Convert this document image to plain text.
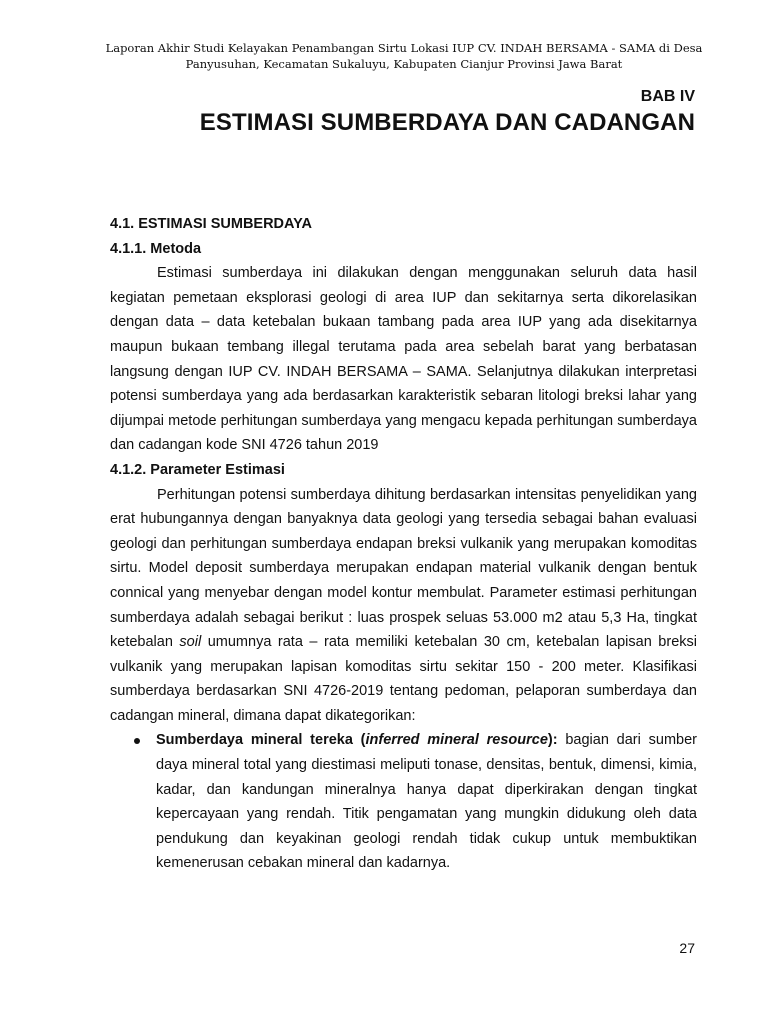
Laporan Akhir Studi Kelayakan Penambangan Sirtu Lokasi IUP CV. INDAH BERSAMA - SAMA di Desa
Panyusuhan, Kecamatan Sukaluyu, Kabupaten Cianjur Provinsi Jawa Barat
BAB IV
ESTIMASI SUMBERDAYA DAN CADANGAN

4.1. ESTIMASI SUMBERDAYA

4.1.1. Metoda

Estimasi sumberdaya ini dilakukan dengan menggunakan seluruh data hasil kegiatan pemetaan eksplorasi geologi di area IUP dan sekitarnya serta dikorelasikan dengan data – data ketebalan bukaan tambang pada area IUP yang ada disekitarnya maupun bukaan tembang illegal terutama pada area sebelah barat yang berbatasan langsung dengan IUP CV. INDAH BERSAMA – SAMA. Selanjutnya dilakukan interpretasi potensi sumberdaya yang ada berdasarkan karakteristik sebaran litologi breksi lahar yang dijumpai metode perhitungan sumberdaya yang mengacu kepada perhitungan sumberdaya dan cadangan kode SNI 4726 tahun 2019

4.1.2. Parameter Estimasi

Perhitungan potensi sumberdaya dihitung berdasarkan intensitas penyelidikan yang erat hubungannya dengan banyaknya data geologi yang tersedia sebagai bahan evaluasi geologi dan perhitungan sumberdaya endapan breksi vulkanik yang merupakan komoditas sirtu. Model deposit sumberdaya merupakan endapan material vulkanik dengan bentuk connical yang menyebar dengan model kontur membulat. Parameter estimasi perhitungan sumberdaya adalah sebagai berikut : luas prospek seluas 53.000 m2 atau 5,3 Ha, tingkat ketebalan soil umumnya rata – rata memiliki ketebalan 30 cm, ketebalan lapisan breksi vulkanik yang merupakan lapisan komoditas sirtu sekitar 150 - 200 meter. Klasifikasi sumberdaya berdasarkan SNI 4726-2019 tentang pedoman, pelaporan sumberdaya dan cadangan mineral, dimana dapat dikategorikan:

Sumberdaya mineral tereka (inferred mineral resource): bagian dari sumber daya mineral total yang diestimasi meliputi tonase, densitas, bentuk, dimensi, kimia, kadar, dan kandungan mineralnya hanya dapat diperkirakan dengan tingkat kepercayaan yang rendah. Titik pengamatan yang mungkin didukung oleh data pendukung dan keyakinan geologi rendah tidak cukup untuk membuktikan kemenerusan cebakan mineral dan kadarnya.
27
